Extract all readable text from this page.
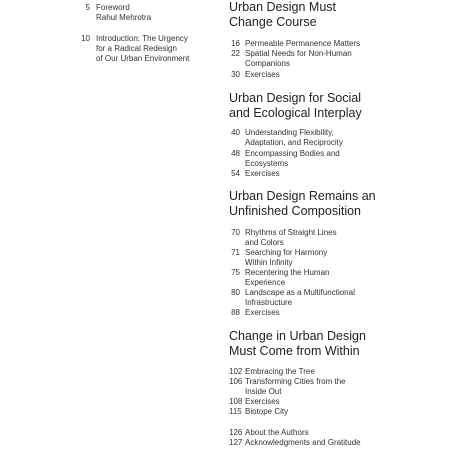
5 Foreword

Rahul Mehrotra

10 Introduction: The Urgency

for a Radical Redesign

of Our Urban Environment

Urban Design Must

Change Course

16 Permeable Permanence Matters

22 Spatial Needs for Non-Human

Companions

30 Exercises

Urban Design for Social

and Ecological Interplay

40 Understanding Flexibility,

Adaptation, and Reciprocity

48 Encompassing Bodies and

Ecosystems

54 Exercises

Urban Design Remains an

Unfinished Composition

70 Rhythms of Straight Lines

and Colors

71 Searching for Harmony

Within Infinity

75 Recentering the Human

Experience

80 Landscape as a Multifunctional

Infrastructure

88 Exercises

Change in Urban Design

Must Come from Within

102 Embracing the Tree

106 Transforming Cities from the

Inside Out

108 Exercises

115 Biotope City

126 About the Authors

127 Acknowledgments and Gratitude
